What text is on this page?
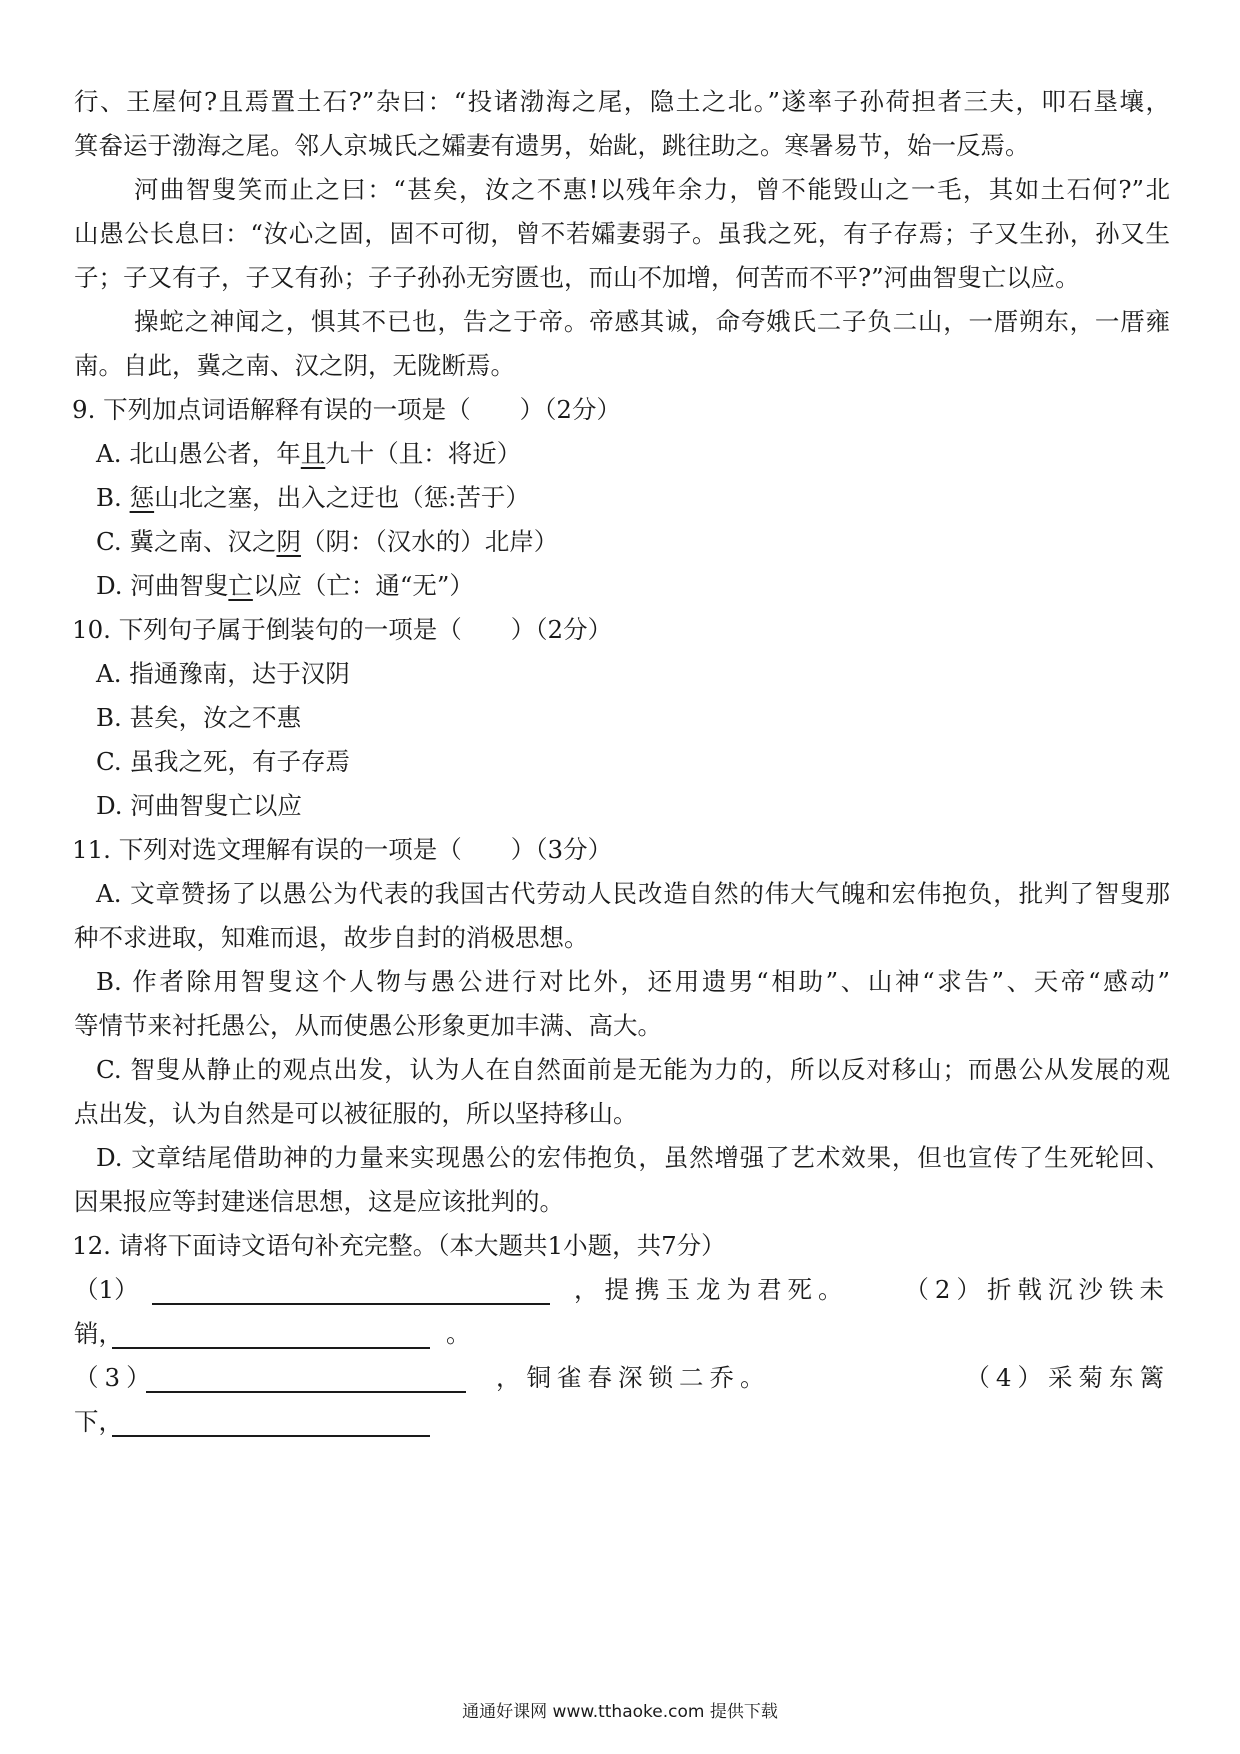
行、王屋何?且焉置土石?”杂曰：“投诸渤海之尾，隐土之北。”遂率子孙荷担者三夫，叩石垦壤，
箕畚运于渤海之尾。邻人京城氏之孀妻有遗男，始龀，跳往助之。寒暑易节，始一反焉。
河曲智叟笑而止之曰：“甚矣，汝之不惠!以残年余力，曾不能毁山之一毛，其如土石何?”北
山愚公长息曰：“汝心之固，固不可彻，曾不若孀妻弱子。虽我之死，有子存焉；子又生孙，孙又生
子；子又有子，子又有孙；子子孙孙无穷匮也，而山不加增，何苦而不平?”河曲智叟亡以应。
操蛇之神闻之，惧其不已也，告之于帝。帝感其诚，命夸娥氏二子负二山，一厝朔东，一厝雍
南。自此，冀之南、汉之阴，无陇断焉。
9. 下列加点词语解释有误的一项是（　　）（2分）
A. 北山愚公者，年且九十（且：将近）
B. 惩山北之塞，出入之迂也（惩:苦于）
C. 冀之南、汉之阴（阴：（汉水的）北岸）
D. 河曲智叟亡以应（亡：通“无”）
10. 下列句子属于倒装句的一项是（　　）（2分）
A. 指通豫南，达于汉阴
B. 甚矣，汝之不惠
C. 虽我之死，有子存焉
D. 河曲智叟亡以应
11. 下列对选文理解有误的一项是（　　）（3分）
A. 文章赞扬了以愚公为代表的我国古代劳动人民改造自然的伟大气魄和宏伟抱负，批判了智叟那
种不求进取，知难而退，故步自封的消极思想。
B. 作者除用智叟这个人物与愚公进行对比外，还用遗男“相助”、山神“求告”、天帝“感动”
等情节来衬托愚公，从而使愚公形象更加丰满、高大。
C. 智叟从静止的观点出发，认为人在自然面前是无能为力的，所以反对移山；而愚公从发展的观
点出发，认为自然是可以被征服的，所以坚持移山。
D. 文章结尾借助神的力量来实现愚公的宏伟抱负，虽然增强了艺术效果，但也宣传了生死轮回、
因果报应等封建迷信思想，这是应该批判的。
12. 请将下面诗文语句补充完整。（本大题共1小题，共7分）
（1）	，提携玉龙为君死。 （2）折戟沉沙铁未
销，	。
（3）	，铜雀春深锁二乔。	（4）采菊东篱
下，
通通好课网 www.tthaoke.com 提供下载
